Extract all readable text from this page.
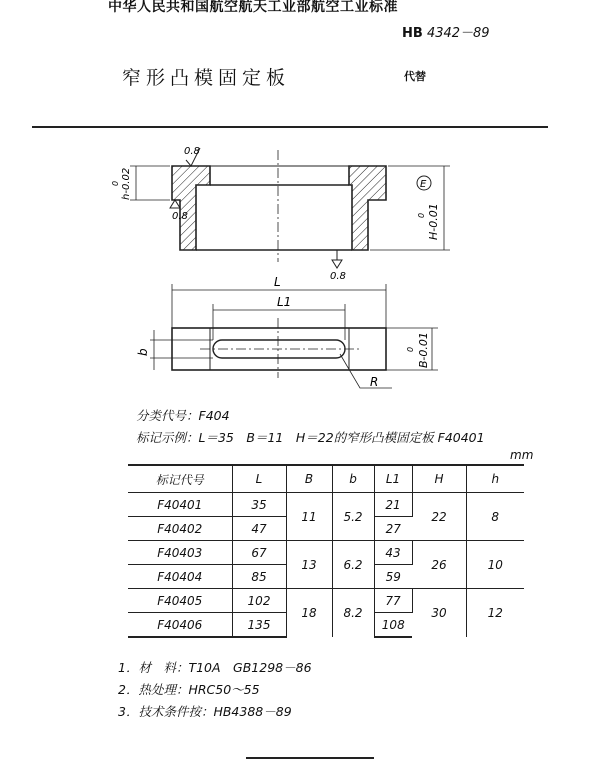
中华人民共和国航空航天工业部航空工业标准
HB 4342－89
窄形凸模固定板	代替
0.8
0.8
0.8
h-0.02
0
H-0.01
0
E
L
L1
b	B-0.01
0
R
分类代号：F404
标记示例：L＝35　B＝11　H＝22的窄形凸模固定板 F40401
mm
标记代号	L	B	b	L1	H	h
F40401	35	11	5.2	21	22	8
F40402	47			27		
F40403	67	13	6.2	43	26	10
F40404	85			59		
F40405	102	18	8.2	77	30	12
F40406	135			108		
1．材　料：T10A　GB1298－86
2．热处理：HRC50～55
3．技术条件按：HB4388－89
